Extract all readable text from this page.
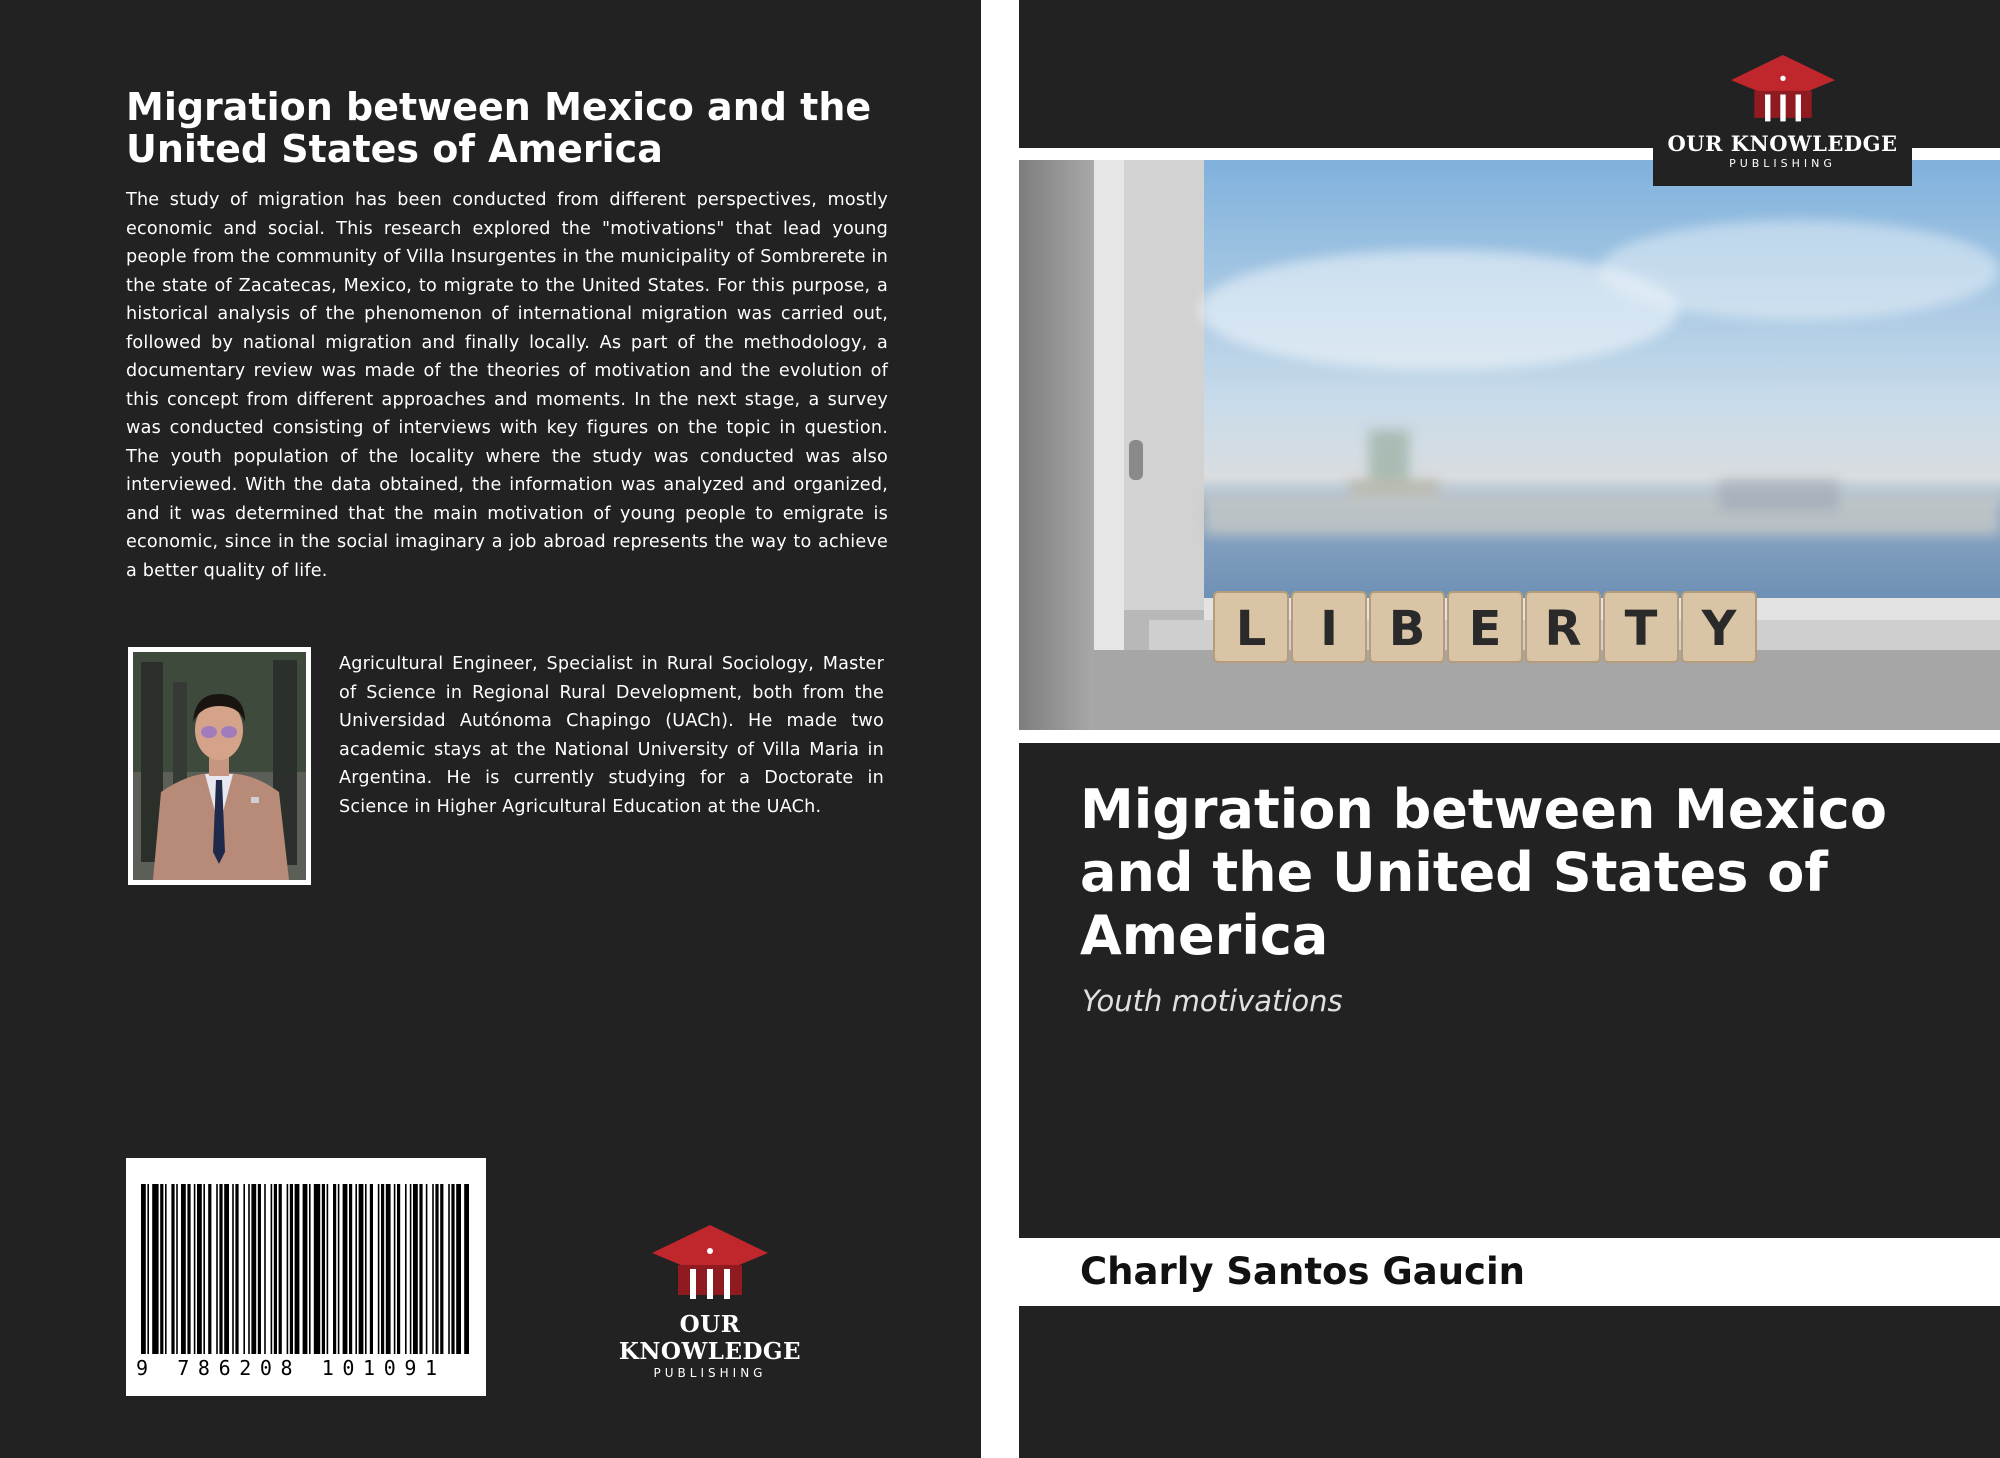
Migration between Mexico and the United States of America

The study of migration has been conducted from different perspectives, mostly economic and social. This research explored the "motivations" that lead young people from the community of Villa Insurgentes in the municipality of Sombrerete in the state of Zacatecas, Mexico, to migrate to the United States. For this purpose, a historical analysis of the phenomenon of international migration was carried out, followed by national migration and finally locally. As part of the methodology, a documentary review was made of the theories of motivation and the evolution of this concept from different approaches and moments. In the next stage, a survey was conducted consisting of interviews with key figures on the topic in question. The youth population of the locality where the study was conducted was also interviewed. With the data obtained, the information was analyzed and organized, and it was determined that the main motivation of young people to emigrate is economic, since in the social imaginary a job abroad represents the way to achieve a better quality of life.

Agricultural Engineer, Specialist in Rural Sociology, Master of Science in Regional Rural Development, both from the Universidad Autónoma Chapingo (UACh). He made two academic stays at the National University of Villa Maria in Argentina. He is currently studying for a Doctorate in Science in Higher Agricultural Education at the UACh.

9 786208 101091
OUR KNOWLEDGE
PUBLISHING
L I B E R T Y
OUR KNOWLEDGE
PUBLISHING
Migration between Mexico and the United States of America

Youth motivations

Charly Santos Gaucin
